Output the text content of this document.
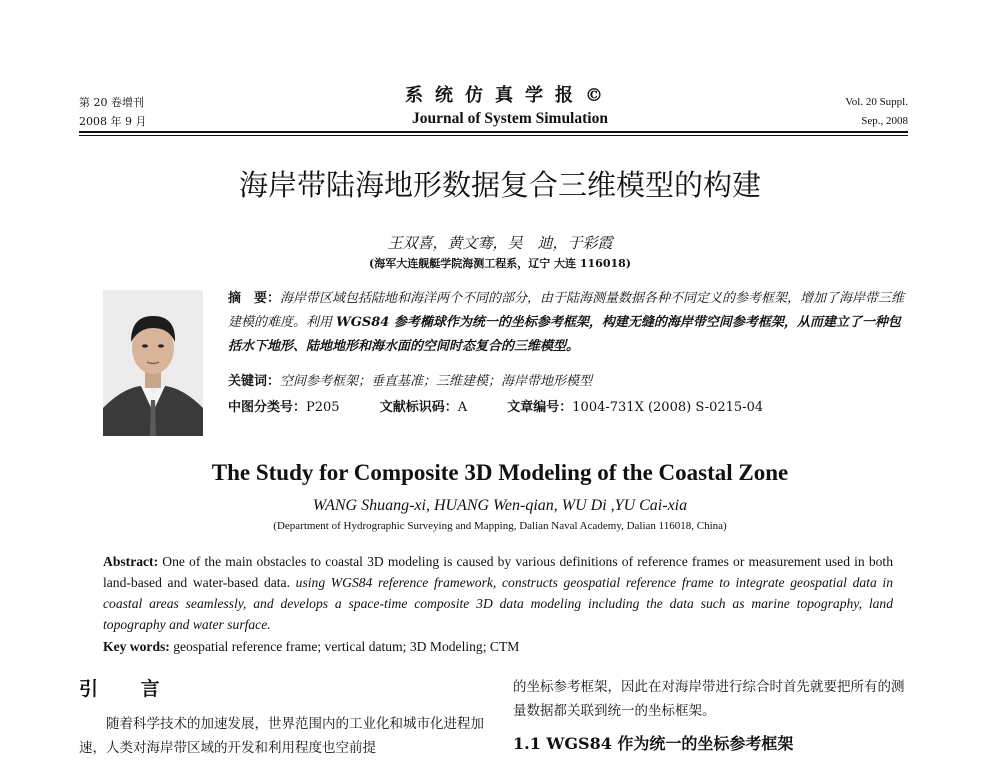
第 20 卷增刊
2008 年 9 月
系统仿真学报©
Journal of System Simulation
Vol. 20 Suppl.
Sep., 2008
海岸带陆海地形数据复合三维模型的构建
王双喜，黄文骞，吴　迪，于彩霞
(海军大连舰艇学院海测工程系，辽宁 大连 116018)
摘　要：海岸带区域包括陆地和海洋两个不同的部分，由于陆海测量数据各种不同定义的参考框架，增加了海岸带三维建模的难度。利用 WGS84 参考椭球作为统一的坐标参考框架，构建无缝的海岸带空间参考框架，从而建立了一种包括水下地形、陆地地形和海水面的空间时态复合的三维模型。
关键词：空间参考框架；垂直基准；三维建模；海岸带地形模型
中图分类号：P205	文献标识码：A	文章编号：1004-731X (2008) S-0215-04
The Study for Composite 3D Modeling of the Coastal Zone
WANG Shuang-xi, HUANG Wen-qian, WU Di ,YU Cai-xia
(Department of Hydrographic Surveying and Mapping, Dalian Naval Academy, Dalian 116018, China)
Abstract: One of the main obstacles to coastal 3D modeling is caused by various definitions of reference frames or measurement used in both land-based and water-based data. using WGS84 reference framework, constructs geospatial reference frame to integrate geospatial data in coastal areas seamlessly, and develops a space-time composite 3D data modeling including the data such as marine topography, land topography and water surface.
Key words: geospatial reference frame; vertical datum; 3D Modeling; CTM
引 言

随着科学技术的加速发展，世界范围内的工业化和城市化进程加速，人类对海岸带区域的开发和利用程度也空前提

的坐标参考框架，因此在对海岸带进行综合时首先就要把所有的测量数据都关联到统一的坐标框架。

1.1 WGS84 作为统一的坐标参考框架
